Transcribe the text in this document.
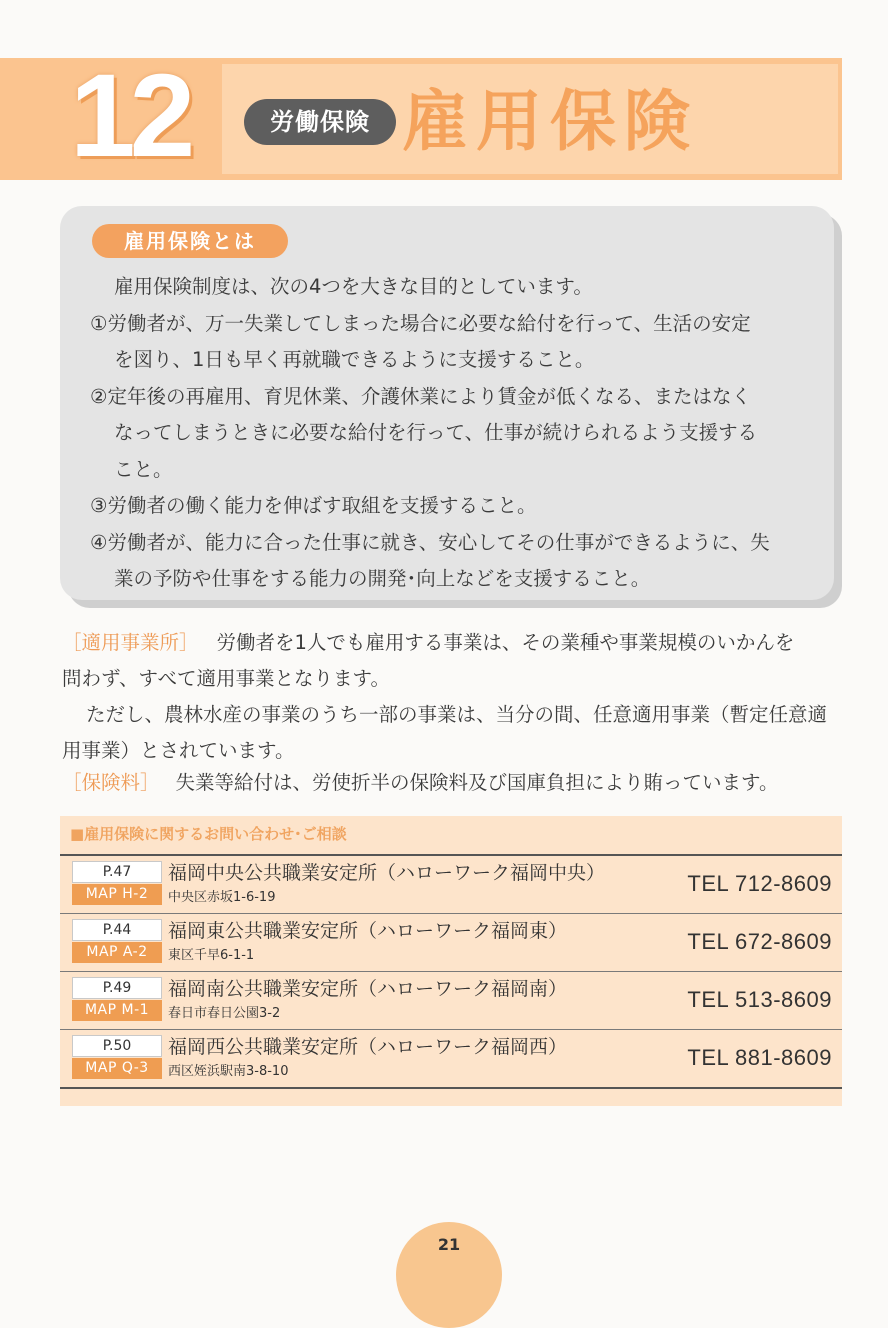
12	労働保険 雇用保険
雇用保険とは
雇用保険制度は、次の4つを大きな目的としています。
①労働者が、万一失業してしまった場合に必要な給付を行って、生活の安定
を図り、1日も早く再就職できるように支援すること。
②定年後の再雇用、育児休業、介護休業により賃金が低くなる、またはなく
なってしまうときに必要な給付を行って、仕事が続けられるよう支援する
こと。
③労働者の働く能力を伸ばす取組を支援すること。
④労働者が、能力に合った仕事に就き、安心してその仕事ができるように、失
業の予防や仕事をする能力の開発･向上などを支援すること。
［適用事業所］ 労働者を1人でも雇用する事業は、その業種や事業規模のいかんを
問わず、すべて適用事業となります。
ただし、農林水産の事業のうち一部の事業は、当分の間、任意適用事業（暫定任意適
用事業）とされています。
［保険料］ 失業等給付は、労使折半の保険料及び国庫負担により賄っています。
■雇用保険に関するお問い合わせ･ご相談
P.47
MAP H-2
福岡中央公共職業安定所（ハローワーク福岡中央）
中央区赤坂1-6-19
TEL 712-8609
P.44
MAP A-2
福岡東公共職業安定所（ハローワーク福岡東）
東区千早6-1-1
TEL 672-8609
P.49
MAP M-1
福岡南公共職業安定所（ハローワーク福岡南）
春日市春日公園3-2
TEL 513-8609
P.50
MAP Q-3
福岡西公共職業安定所（ハローワーク福岡西）
西区姪浜駅南3-8-10
TEL 881-8609
21
